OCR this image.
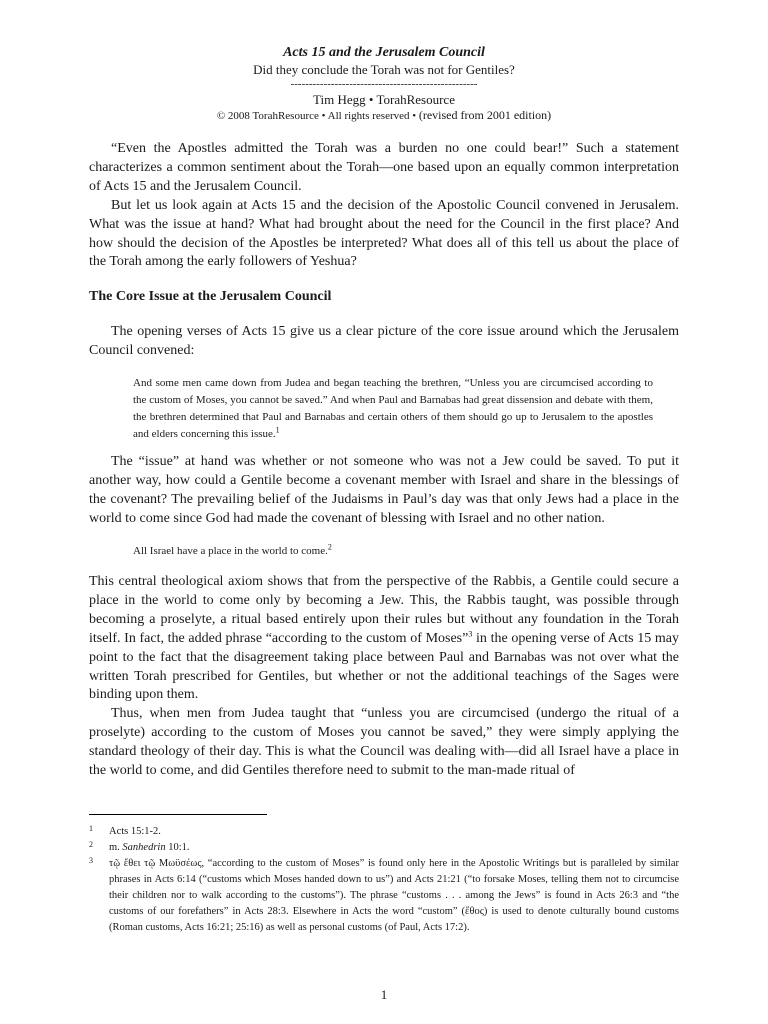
Acts 15 and the Jerusalem Council
Did they conclude the Torah was not for Gentiles?
---------------------------------------------------
Tim Hegg • TorahResource
© 2008 TorahResource • All rights reserved • (revised from 2001 edition)

“Even the Apostles admitted the Torah was a burden no one could bear!” Such a statement characterizes a common sentiment about the Torah—one based upon an equally common interpretation of Acts 15 and the Jerusalem Council.

But let us look again at Acts 15 and the decision of the Apostolic Council convened in Jerusalem. What was the issue at hand? What had brought about the need for the Council in the first place? And how should the decision of the Apostles be interpreted? What does all of this tell us about the place of the Torah among the early followers of Yeshua?

The Core Issue at the Jerusalem Council

The opening verses of Acts 15 give us a clear picture of the core issue around which the Jerusalem Council convened:

And some men came down from Judea and began teaching the brethren, “Unless you are circumcised according to the custom of Moses, you cannot be saved.” And when Paul and Barnabas had great dissension and debate with them, the brethren determined that Paul and Barnabas and certain others of them should go up to Jerusalem to the apostles and elders concerning this issue.$^1$

The “issue” at hand was whether or not someone who was not a Jew could be saved. To put it another way, how could a Gentile become a covenant member with Israel and share in the blessings of the covenant? The prevailing belief of the Judaisms in Paul’s day was that only Jews had a place in the world to come since God had made the covenant of blessing with Israel and no other nation.

All Israel have a place in the world to come.$^2$

This central theological axiom shows that from the perspective of the Rabbis, a Gentile could secure a place in the world to come only by becoming a Jew. This, the Rabbis taught, was possible through becoming a proselyte, a ritual based entirely upon their rules but without any foundation in the Torah itself. In fact, the added phrase “according to the custom of Moses”$^3$ in the opening verse of Acts 15 may point to the fact that the disagreement taking place between Paul and Barnabas was not over what the written Torah prescribed for Gentiles, but whether or not the additional teachings of the Sages were binding upon them.

Thus, when men from Judea taught that “unless you are circumcised (undergo the ritual of a proselyte) according to the custom of Moses you cannot be saved,” they were simply applying the standard theology of their day. This is what the Council was dealing with—did all Israel have a place in the world to come, and did Gentiles therefore need to submit to the man-made ritual of

1 Acts 15:1-2.
2 m. Sanhedrin 10:1.
3 τῷ ἔθει τῷ Μωϋσέως, “according to the custom of Moses” is found only here in the Apostolic Writings but is paralleled by similar phrases in Acts 6:14 (“customs which Moses handed down to us”) and Acts 21:21 (“to forsake Moses, telling them not to circumcise their children nor to walk according to the customs”). The phrase “customs . . . among the Jews” is found in Acts 26:3 and “the customs of our forefathers” in Acts 28:3. Elsewhere in Acts the word “custom” (ἔθος) is used to denote culturally bound customs (Roman customs, Acts 16:21; 25:16) as well as personal customs (of Paul, Acts 17:2).
1
